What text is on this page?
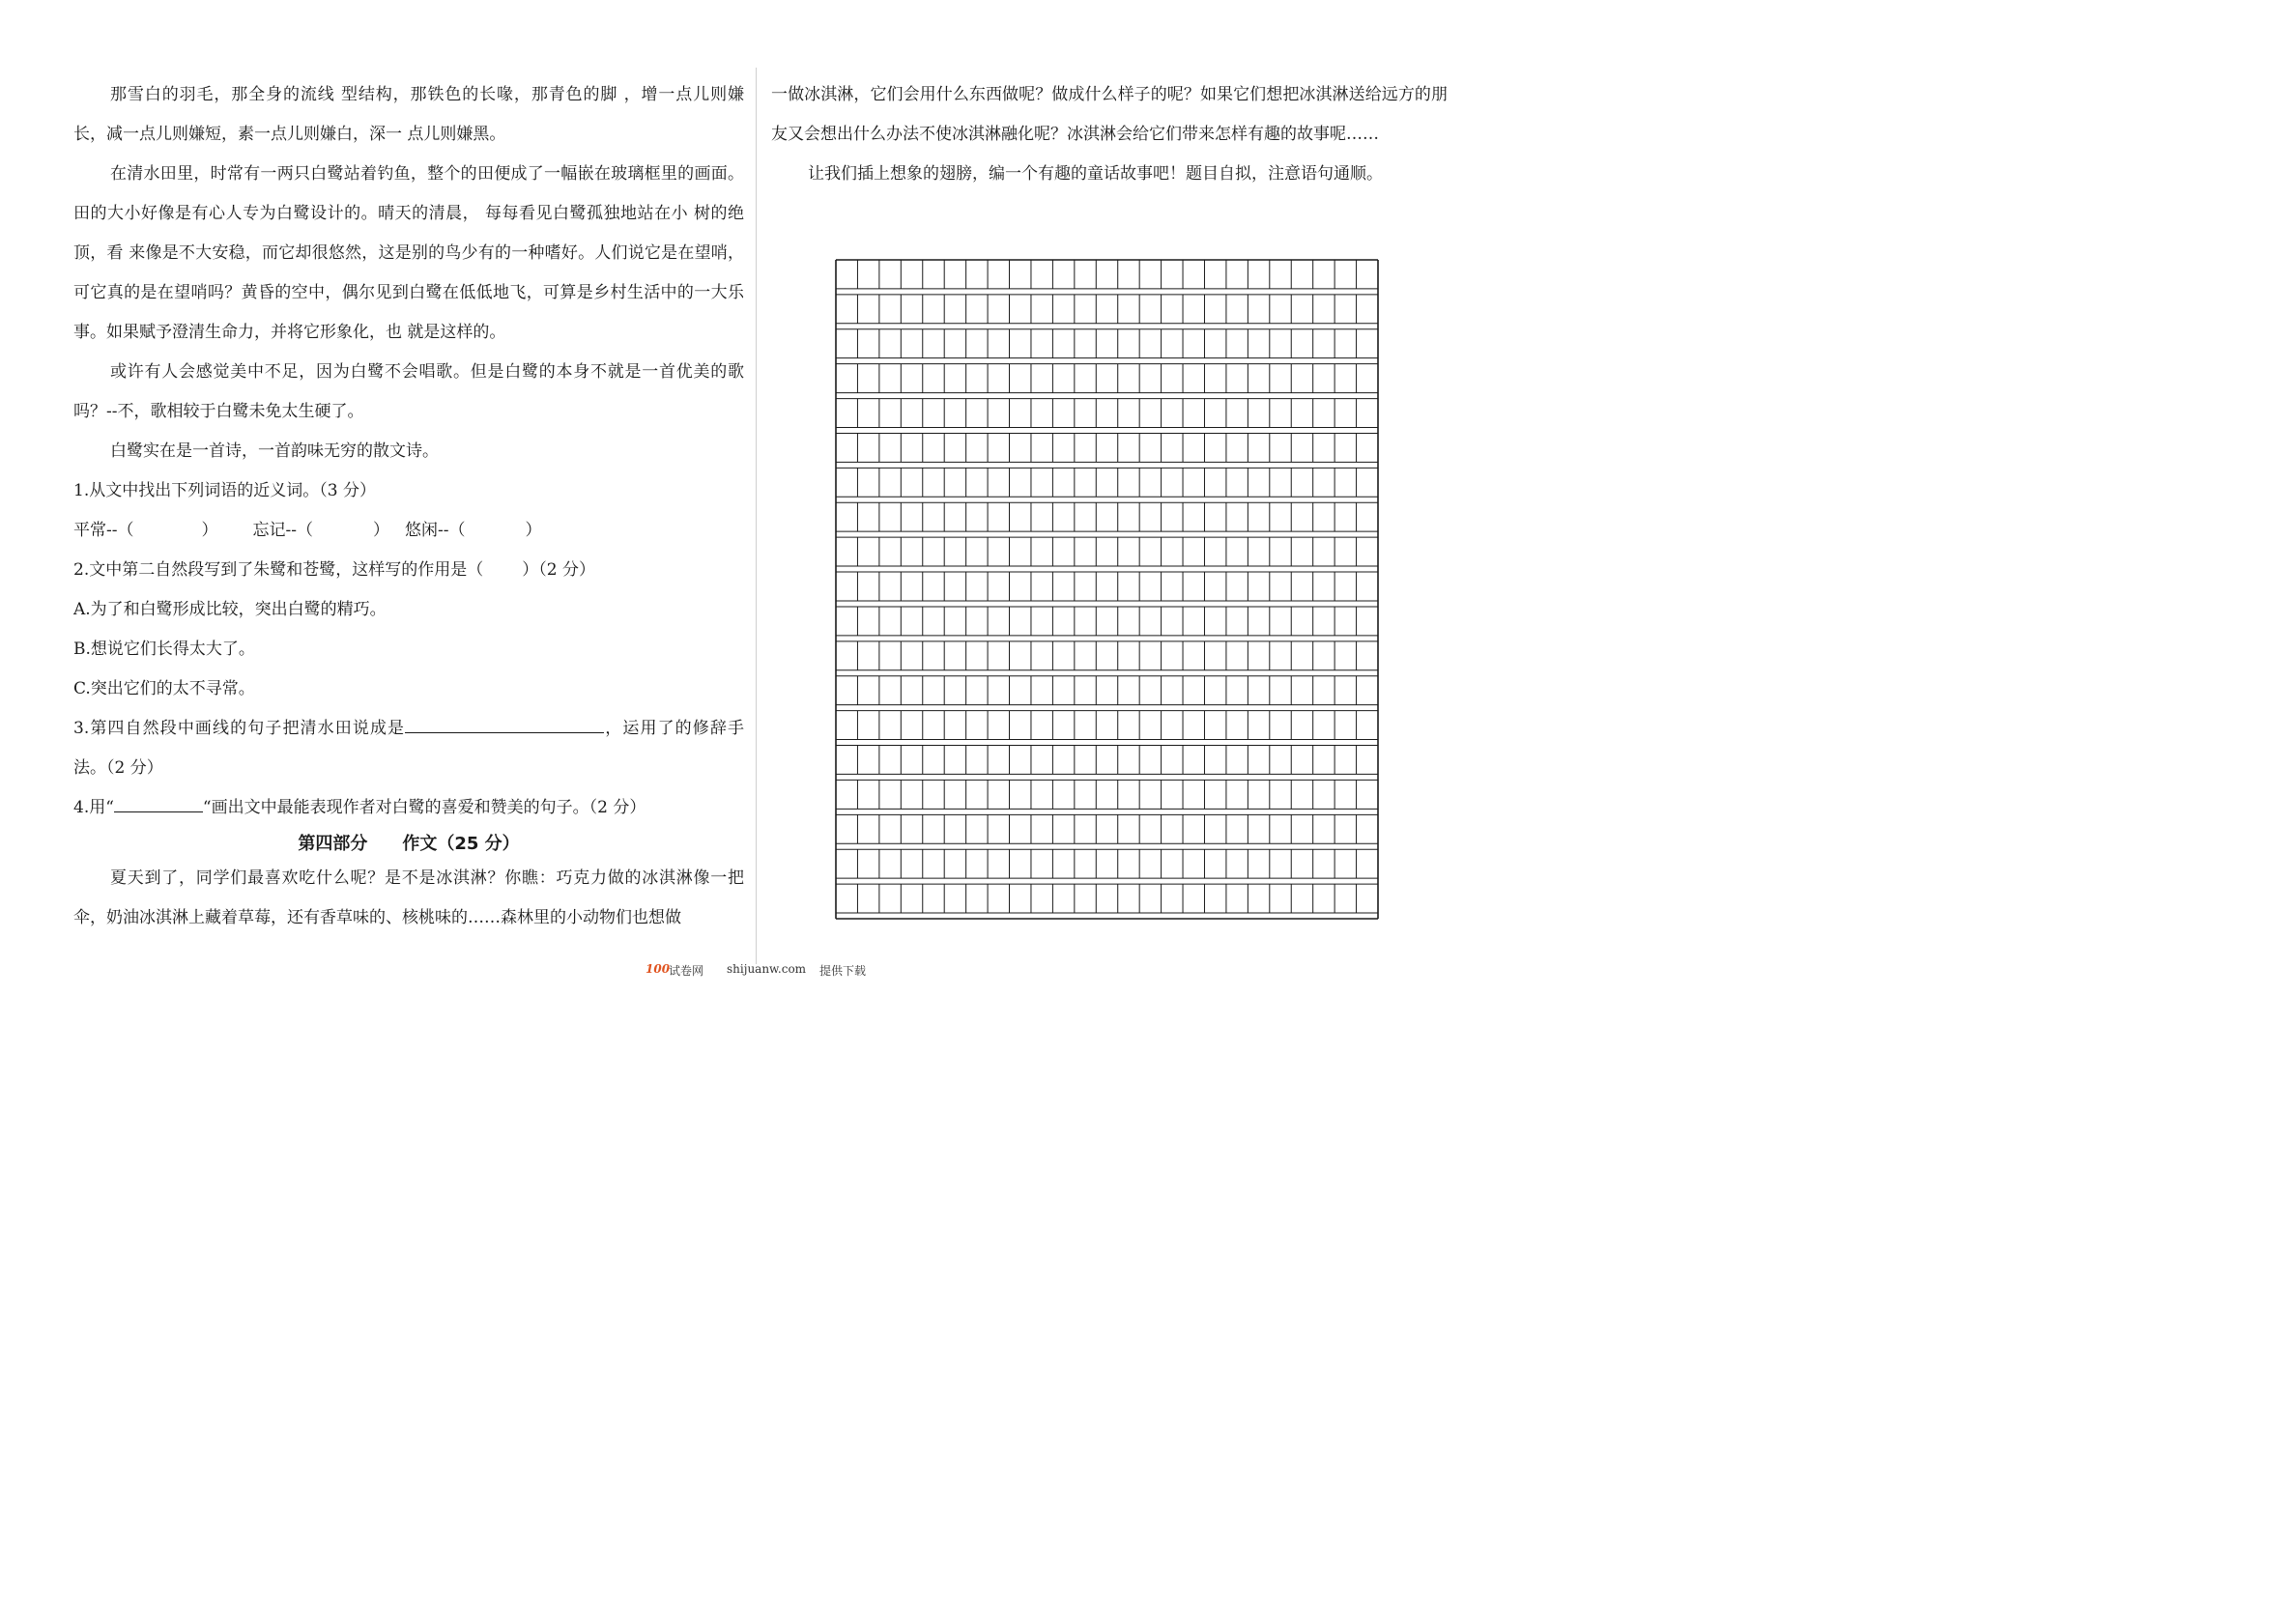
那雪白的羽毛，那全身的流线 型结构，那铁色的长喙，那青色的脚 ，增一点儿则嫌长，减一点儿则嫌短，素一点儿则嫌白，深一 点儿则嫌黑。

在清水田里，时常有一两只白鹭站着钓鱼，整个的田便成了一幅嵌在玻璃框里的画面。田的大小好像是有心人专为白鹭设计的。晴天的清晨， 每每看见白鹭孤独地站在小 树的绝顶，看 来像是不大安稳，而它却很悠然，这是别的鸟少有的一种嗜好。人们说它是在望哨，可它真的是在望哨吗？黄昏的空中，偶尔见到白鹭在低低地飞，可算是乡村生活中的一大乐事。如果赋予澄清生命力，并将它形象化，也 就是这样的。

或许有人会感觉美中不足，因为白鹭不会唱歌。但是白鹭的本身不就是一首优美的歌吗？--不，歌相较于白鹭未免太生硬了。

白鹭实在是一首诗，一首韵味无穷的散文诗。

1.从文中找出下列词语的近义词。（3 分）

平常--（	） 忘记--（	） 悠闲--（	）

2.文中第二自然段写到了朱鹭和苍鹭，这样写的作用是（ ）（2 分）

A.为了和白鹭形成比较，突出白鹭的精巧。

B.想说它们长得太大了。

C.突出它们的太不寻常。

3.第四自然段中画线的句子把清水田说成是	，运用了的修辞手法。（2 分）

4.用“	“画出文中最能表现作者对白鹭的喜爱和赞美的句子。（2 分）

第四部分　　作文（25 分）

夏天到了，同学们最喜欢吃什么呢？是不是冰淇淋？你瞧：巧克力做的冰淇淋像一把伞，奶油冰淇淋上藏着草莓，还有香草味的、核桃味的……森林里的小动物们也想做

一做冰淇淋，它们会用什么东西做呢？做成什么样子的呢？如果它们想把冰淇淋送给远方的朋友又会想出什么办法不使冰淇淋融化呢？冰淇淋会给它们带来怎样有趣的故事呢……

让我们插上想象的翅膀，编一个有趣的童话故事吧！题目自拟，注意语句通顺。

100
试卷网 shijuanw.com 提供下载
